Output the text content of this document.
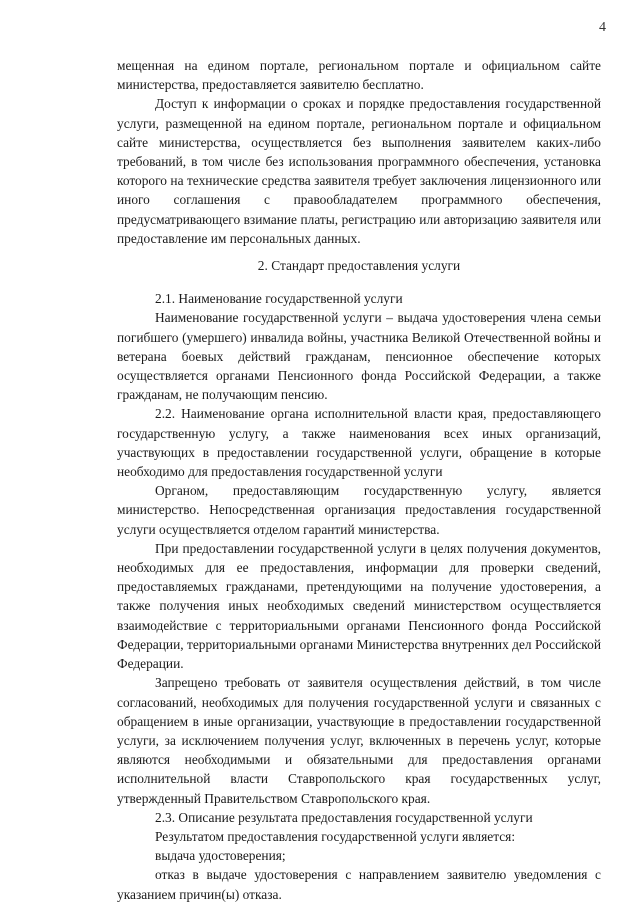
4

мещенная на едином портале, региональном портале и официальном сайте министерства, предоставляется заявителю бесплатно.

Доступ к информации о сроках и порядке предоставления государственной услуги, размещенной на едином портале, региональном портале и официальном сайте министерства, осуществляется без выполнения заявителем каких-либо требований, в том числе без использования программного обеспечения, установка которого на технические средства заявителя требует заключения лицензионного или иного соглашения с правообладателем программного обеспечения, предусматривающего взимание платы, регистрацию или авторизацию заявителя или предоставление им персональных данных.

2. Стандарт предоставления услуги

2.1. Наименование государственной услуги

Наименование государственной услуги – выдача удостоверения члена семьи погибшего (умершего) инвалида войны, участника Великой Отечественной войны и ветерана боевых действий гражданам, пенсионное обеспечение которых осуществляется органами Пенсионного фонда Российской Федерации, а также гражданам, не получающим пенсию.

2.2. Наименование органа исполнительной власти края, предоставляющего государственную услугу, а также наименования всех иных организаций, участвующих в предоставлении государственной услуги, обращение в которые необходимо для предоставления государственной услуги

Органом, предоставляющим государственную услугу, является министерство. Непосредственная организация предоставления государственной услуги осуществляется отделом гарантий министерства.

При предоставлении государственной услуги в целях получения документов, необходимых для ее предоставления, информации для проверки сведений, предоставляемых гражданами, претендующими на получение удостоверения, а также получения иных необходимых сведений министерством осуществляется взаимодействие с территориальными органами Пенсионного фонда Российской Федерации, территориальными органами Министерства внутренних дел Российской Федерации.

Запрещено требовать от заявителя осуществления действий, в том числе согласований, необходимых для получения государственной услуги и связанных с обращением в иные организации, участвующие в предоставлении государственной услуги, за исключением получения услуг, включенных в перечень услуг, которые являются необходимыми и обязательными для предоставления органами исполнительной власти Ставропольского края государственных услуг, утвержденный Правительством Ставропольского края.

2.3. Описание результата предоставления государственной услуги

Результатом предоставления государственной услуги является:

выдача удостоверения;

отказ в выдаче удостоверения с направлением заявителю уведомления с указанием причин(ы) отказа.
